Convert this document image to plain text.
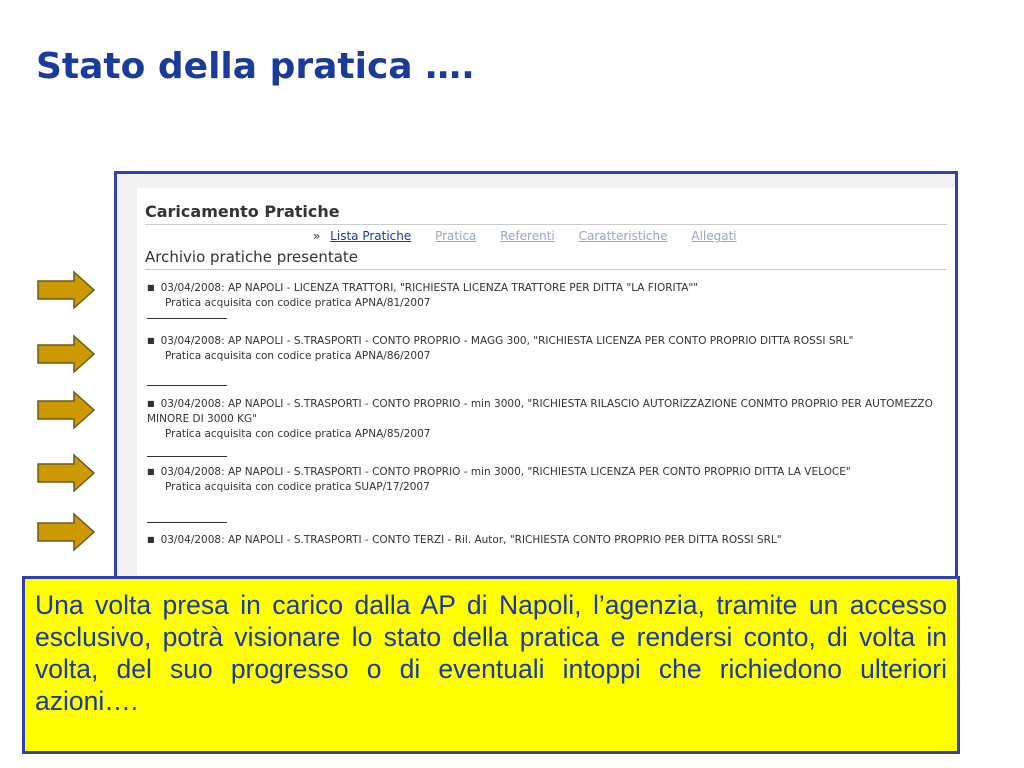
Stato della pratica ….
Caricamento Pratiche
» Lista Pratiche Pratica Referenti Caratteristiche Allegati
Archivio pratiche presentate
■ 03/04/2008: AP NAPOLI - LICENZA TRATTORI, "RICHIESTA LICENZA TRATTORE PER DITTA "LA FIORITA""
Pratica acquisita con codice pratica APNA/81/2007
■ 03/04/2008: AP NAPOLI - S.TRASPORTI - CONTO PROPRIO - MAGG 300, "RICHIESTA LICENZA PER CONTO PROPRIO DITTA ROSSI SRL"
Pratica acquisita con codice pratica APNA/86/2007
■ 03/04/2008: AP NAPOLI - S.TRASPORTI - CONTO PROPRIO - min 3000, "RICHIESTA RILASCIO AUTORIZZAZIONE CONMTO PROPRIO PER AUTOMEZZO MINORE DI 3000 KG"
Pratica acquisita con codice pratica APNA/85/2007
■ 03/04/2008: AP NAPOLI - S.TRASPORTI - CONTO PROPRIO - min 3000, "RICHIESTA LICENZA PER CONTO PROPRIO DITTA LA VELOCE"
Pratica acquisita con codice pratica SUAP/17/2007
■ 03/04/2008: AP NAPOLI - S.TRASPORTI - CONTO TERZI - Ril. Autor, "RICHIESTA CONTO PROPRIO PER DITTA ROSSI SRL"
Una volta presa in carico dalla AP di Napoli, l’agenzia, tramite un accesso esclusivo, potrà visionare lo stato della pratica e rendersi conto, di volta in volta, del suo progresso o di eventuali intoppi che richiedono ulteriori azioni….
